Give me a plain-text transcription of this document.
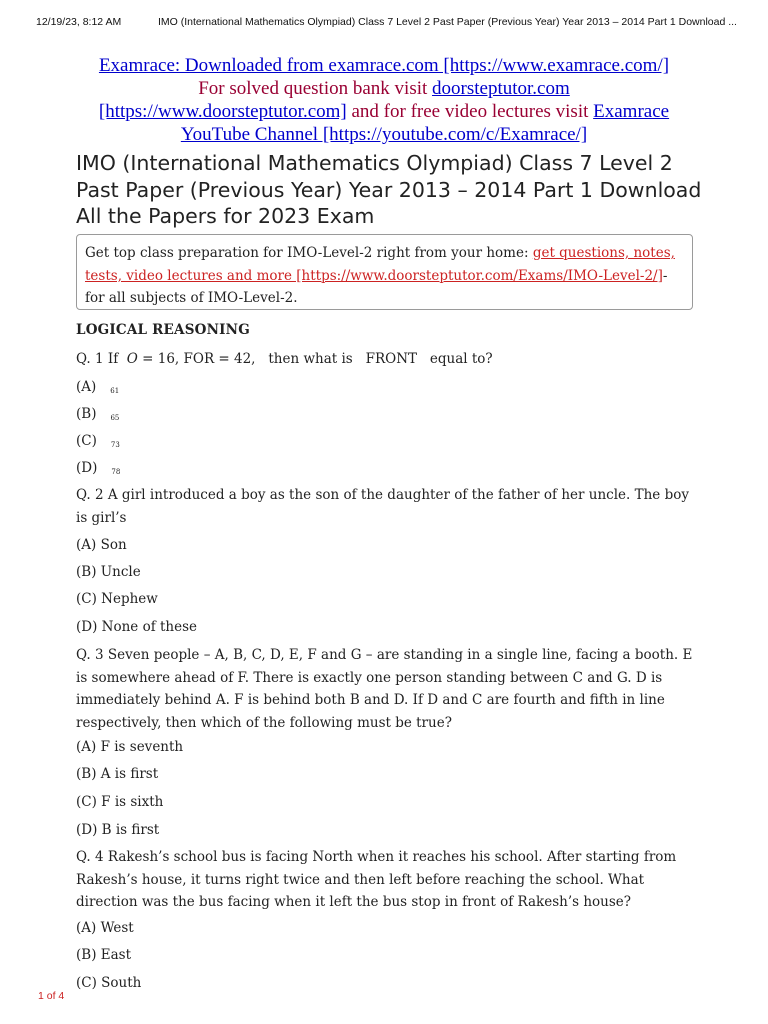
12/19/23, 8:12 AM	IMO (International Mathematics Olympiad) Class 7 Level 2 Past Paper (Previous Year) Year 2013 – 2014 Part 1 Download ...
Examrace: Downloaded from examrace.com [https://www.examrace.com/]
For solved question bank visit doorsteptutor.com
[https://www.doorsteptutor.com] and for free video lectures visit Examrace
YouTube Channel [https://youtube.com/c/Examrace/]
IMO (International Mathematics Olympiad) Class 7 Level 2 Past Paper (Previous Year) Year 2013 – 2014 Part 1 Download All the Papers for 2023 Exam
Get top class preparation for IMO-Level-2 right from your home: get questions, notes, tests, video lectures and more [https://www.doorsteptutor.com/Exams/IMO-Level-2/]- for all subjects of IMO-Level-2.
LOGICAL REASONING
Q. 1 If O = 16, FOR = 42, then what is FRONT equal to?
(A) 61
(B) 65
(C) 73
(D) 78
Q. 2 A girl introduced a boy as the son of the daughter of the father of her uncle. The boy is girl’s
(A) Son
(B) Uncle
(C) Nephew
(D) None of these
Q. 3 Seven people – A, B, C, D, E, F and G – are standing in a single line, facing a booth. E is somewhere ahead of F. There is exactly one person standing between C and G. D is immediately behind A. F is behind both B and D. If D and C are fourth and fifth in line respectively, then which of the following must be true?
(A) F is seventh
(B) A is first
(C) F is sixth
(D) B is first
Q. 4 Rakesh’s school bus is facing North when it reaches his school. After starting from Rakesh’s house, it turns right twice and then left before reaching the school. What direction was the bus facing when it left the bus stop in front of Rakesh’s house?
(A) West
(B) East
(C) South
1 of 4
